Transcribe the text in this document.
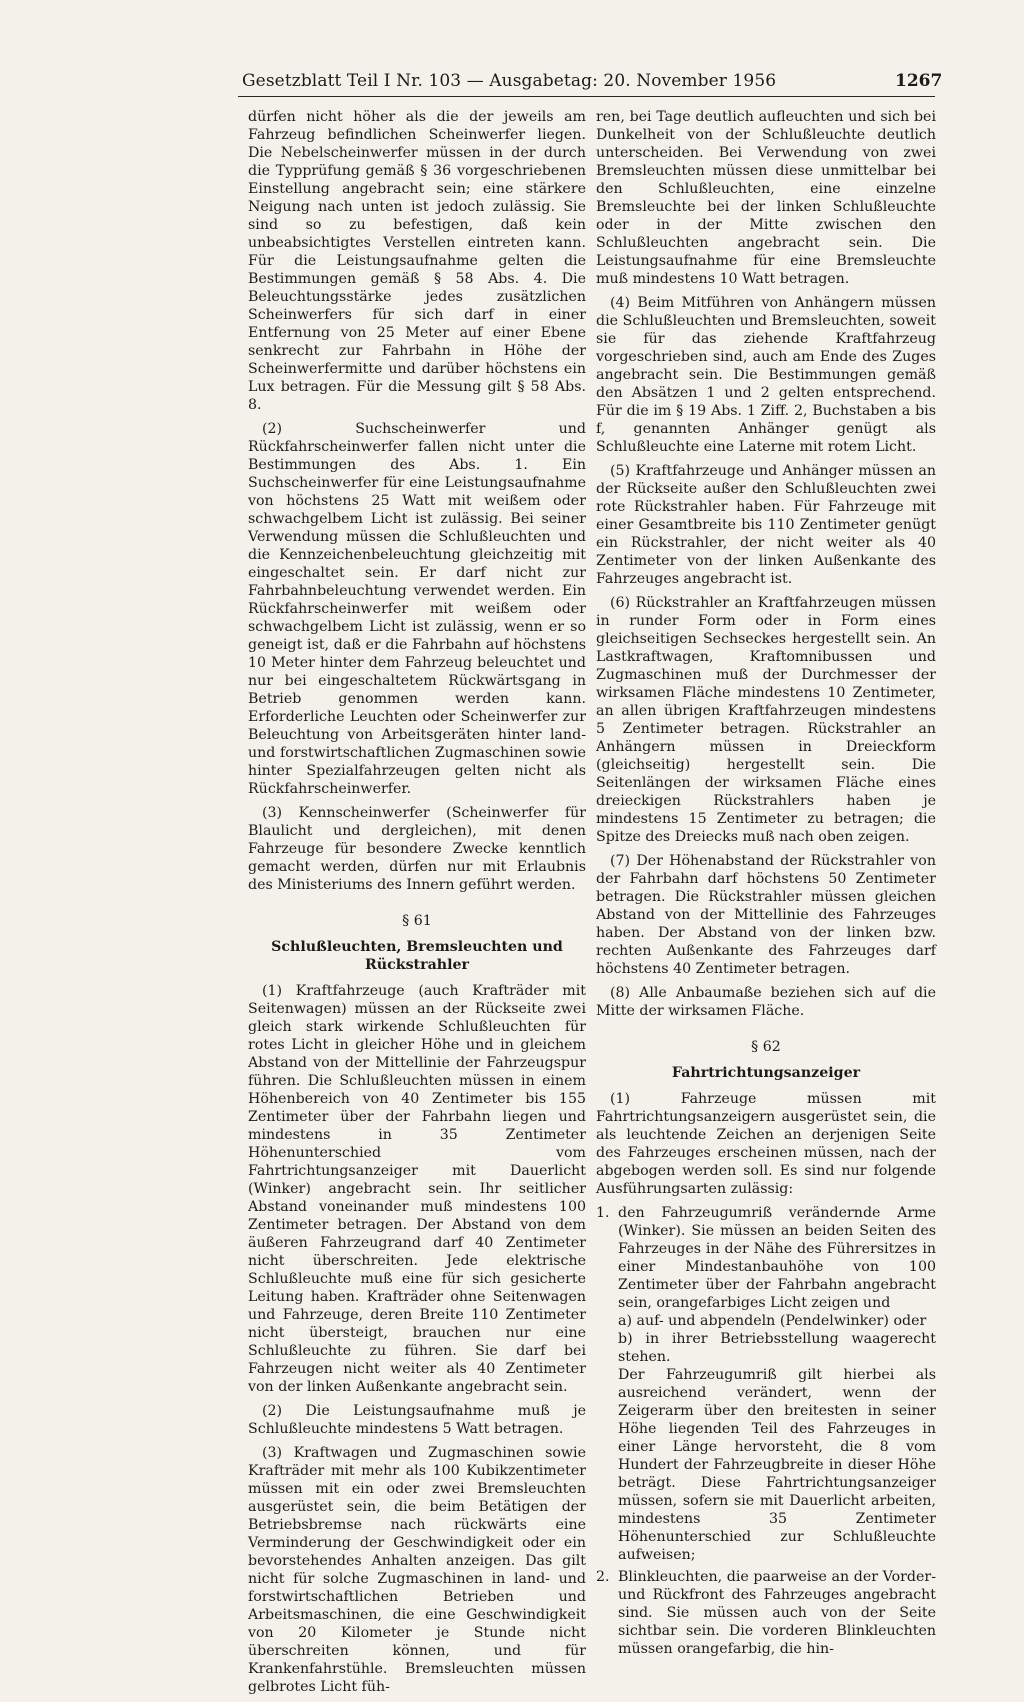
Gesetzblatt Teil I Nr. 103 — Ausgabetag: 20. November 1956	1267

dürfen nicht höher als die der jeweils am Fahrzeug befindlichen Scheinwerfer liegen. Die Nebelscheinwerfer müssen in der durch die Typprüfung gemäß § 36 vorgeschriebenen Einstellung angebracht sein; eine stärkere Neigung nach unten ist jedoch zulässig. Sie sind so zu befestigen, daß kein unbeabsichtigtes Verstellen eintreten kann. Für die Leistungsaufnahme gelten die Bestimmungen gemäß § 58 Abs. 4. Die Beleuchtungsstärke jedes zusätzlichen Scheinwerfers für sich darf in einer Entfernung von 25 Meter auf einer Ebene senkrecht zur Fahrbahn in Höhe der Scheinwerfermitte und darüber höchstens ein Lux betragen. Für die Messung gilt § 58 Abs. 8.

(2) Suchscheinwerfer und Rückfahrscheinwerfer fallen nicht unter die Bestimmungen des Abs. 1. Ein Suchscheinwerfer für eine Leistungsaufnahme von höchstens 25 Watt mit weißem oder schwachgelbem Licht ist zulässig. Bei seiner Verwendung müssen die Schlußleuchten und die Kennzeichenbeleuchtung gleichzeitig mit eingeschaltet sein. Er darf nicht zur Fahrbahnbeleuchtung verwendet werden. Ein Rückfahrscheinwerfer mit weißem oder schwachgelbem Licht ist zulässig, wenn er so geneigt ist, daß er die Fahrbahn auf höchstens 10 Meter hinter dem Fahrzeug beleuchtet und nur bei eingeschaltetem Rückwärtsgang in Betrieb genommen werden kann. Erforderliche Leuchten oder Scheinwerfer zur Beleuchtung von Arbeitsgeräten hinter land- und forstwirtschaftlichen Zugmaschinen sowie hinter Spezialfahrzeugen gelten nicht als Rückfahrscheinwerfer.

(3) Kennscheinwerfer (Scheinwerfer für Blaulicht und dergleichen), mit denen Fahrzeuge für besondere Zwecke kenntlich gemacht werden, dürfen nur mit Erlaubnis des Ministeriums des Innern geführt werden.

§ 61
Schlußleuchten, Bremsleuchten und Rückstrahler

(1) Kraftfahrzeuge (auch Krafträder mit Seitenwagen) müssen an der Rückseite zwei gleich stark wirkende Schlußleuchten für rotes Licht in gleicher Höhe und in gleichem Abstand von der Mittellinie der Fahrzeugspur führen. Die Schlußleuchten müssen in einem Höhenbereich von 40 Zentimeter bis 155 Zentimeter über der Fahrbahn liegen und mindestens in 35 Zentimeter Höhenunterschied vom Fahrtrichtungsanzeiger mit Dauerlicht (Winker) angebracht sein. Ihr seitlicher Abstand voneinander muß mindestens 100 Zentimeter betragen. Der Abstand von dem äußeren Fahrzeugrand darf 40 Zentimeter nicht überschreiten. Jede elektrische Schlußleuchte muß eine für sich gesicherte Leitung haben. Krafträder ohne Seitenwagen und Fahrzeuge, deren Breite 110 Zentimeter nicht übersteigt, brauchen nur eine Schlußleuchte zu führen. Sie darf bei Fahrzeugen nicht weiter als 40 Zentimeter von der linken Außenkante angebracht sein.

(2) Die Leistungsaufnahme muß je Schlußleuchte mindestens 5 Watt betragen.

(3) Kraftwagen und Zugmaschinen sowie Krafträder mit mehr als 100 Kubikzentimeter müssen mit ein oder zwei Bremsleuchten ausgerüstet sein, die beim Betätigen der Betriebsbremse nach rückwärts eine Verminderung der Geschwindigkeit oder ein bevorstehendes Anhalten anzeigen. Das gilt nicht für solche Zugmaschinen in land- und forstwirtschaftlichen Betrieben und Arbeitsmaschinen, die eine Geschwindigkeit von 20 Kilometer je Stunde nicht überschreiten können, und für Krankenfahrstühle. Bremsleuchten müssen gelbrotes Licht füh-

ren, bei Tage deutlich aufleuchten und sich bei Dunkelheit von der Schlußleuchte deutlich unterscheiden. Bei Verwendung von zwei Bremsleuchten müssen diese unmittelbar bei den Schlußleuchten, eine einzelne Bremsleuchte bei der linken Schlußleuchte oder in der Mitte zwischen den Schlußleuchten angebracht sein. Die Leistungsaufnahme für eine Bremsleuchte muß mindestens 10 Watt betragen.

(4) Beim Mitführen von Anhängern müssen die Schlußleuchten und Bremsleuchten, soweit sie für das ziehende Kraftfahrzeug vorgeschrieben sind, auch am Ende des Zuges angebracht sein. Die Bestimmungen gemäß den Absätzen 1 und 2 gelten entsprechend. Für die im § 19 Abs. 1 Ziff. 2, Buchstaben a bis f, genannten Anhänger genügt als Schlußleuchte eine Laterne mit rotem Licht.

(5) Kraftfahrzeuge und Anhänger müssen an der Rückseite außer den Schlußleuchten zwei rote Rückstrahler haben. Für Fahrzeuge mit einer Gesamtbreite bis 110 Zentimeter genügt ein Rückstrahler, der nicht weiter als 40 Zentimeter von der linken Außenkante des Fahrzeuges angebracht ist.

(6) Rückstrahler an Kraftfahrzeugen müssen in runder Form oder in Form eines gleichseitigen Sechseckes hergestellt sein. An Lastkraftwagen, Kraftomnibussen und Zugmaschinen muß der Durchmesser der wirksamen Fläche mindestens 10 Zentimeter, an allen übrigen Kraftfahrzeugen mindestens 5 Zentimeter betragen. Rückstrahler an Anhängern müssen in Dreieckform (gleichseitig) hergestellt sein. Die Seitenlängen der wirksamen Fläche eines dreieckigen Rückstrahlers haben je mindestens 15 Zentimeter zu betragen; die Spitze des Dreiecks muß nach oben zeigen.

(7) Der Höhenabstand der Rückstrahler von der Fahrbahn darf höchstens 50 Zentimeter betragen. Die Rückstrahler müssen gleichen Abstand von der Mittellinie des Fahrzeuges haben. Der Abstand von der linken bzw. rechten Außenkante des Fahrzeuges darf höchstens 40 Zentimeter betragen.

(8) Alle Anbaumaße beziehen sich auf die Mitte der wirksamen Fläche.

§ 62
Fahrtrichtungsanzeiger

(1) Fahrzeuge müssen mit Fahrtrichtungsanzeigern ausgerüstet sein, die als leuchtende Zeichen an derjenigen Seite des Fahrzeuges erscheinen müssen, nach der abgebogen werden soll. Es sind nur folgende Ausführungsarten zulässig:

1. den Fahrzeugumriß verändernde Arme (Winker). Sie müssen an beiden Seiten des Fahrzeuges in der Nähe des Führersitzes in einer Mindestanbauhöhe von 100 Zentimeter über der Fahrbahn angebracht sein, orangefarbiges Licht zeigen und

a) auf- und abpendeln (Pendelwinker) oder

b) in ihrer Betriebsstellung waagerecht stehen.

Der Fahrzeugumriß gilt hierbei als ausreichend verändert, wenn der Zeigerarm über den breitesten in seiner Höhe liegenden Teil des Fahrzeuges in einer Länge hervorsteht, die 8 vom Hundert der Fahrzeugbreite in dieser Höhe beträgt. Diese Fahrtrichtungsanzeiger müssen, sofern sie mit Dauerlicht arbeiten, mindestens 35 Zentimeter Höhenunterschied zur Schlußleuchte aufweisen;

2. Blinkleuchten, die paarweise an der Vorder- und Rückfront des Fahrzeuges angebracht sind. Sie müssen auch von der Seite sichtbar sein. Die vorderen Blinkleuchten müssen orangefarbig, die hin-
